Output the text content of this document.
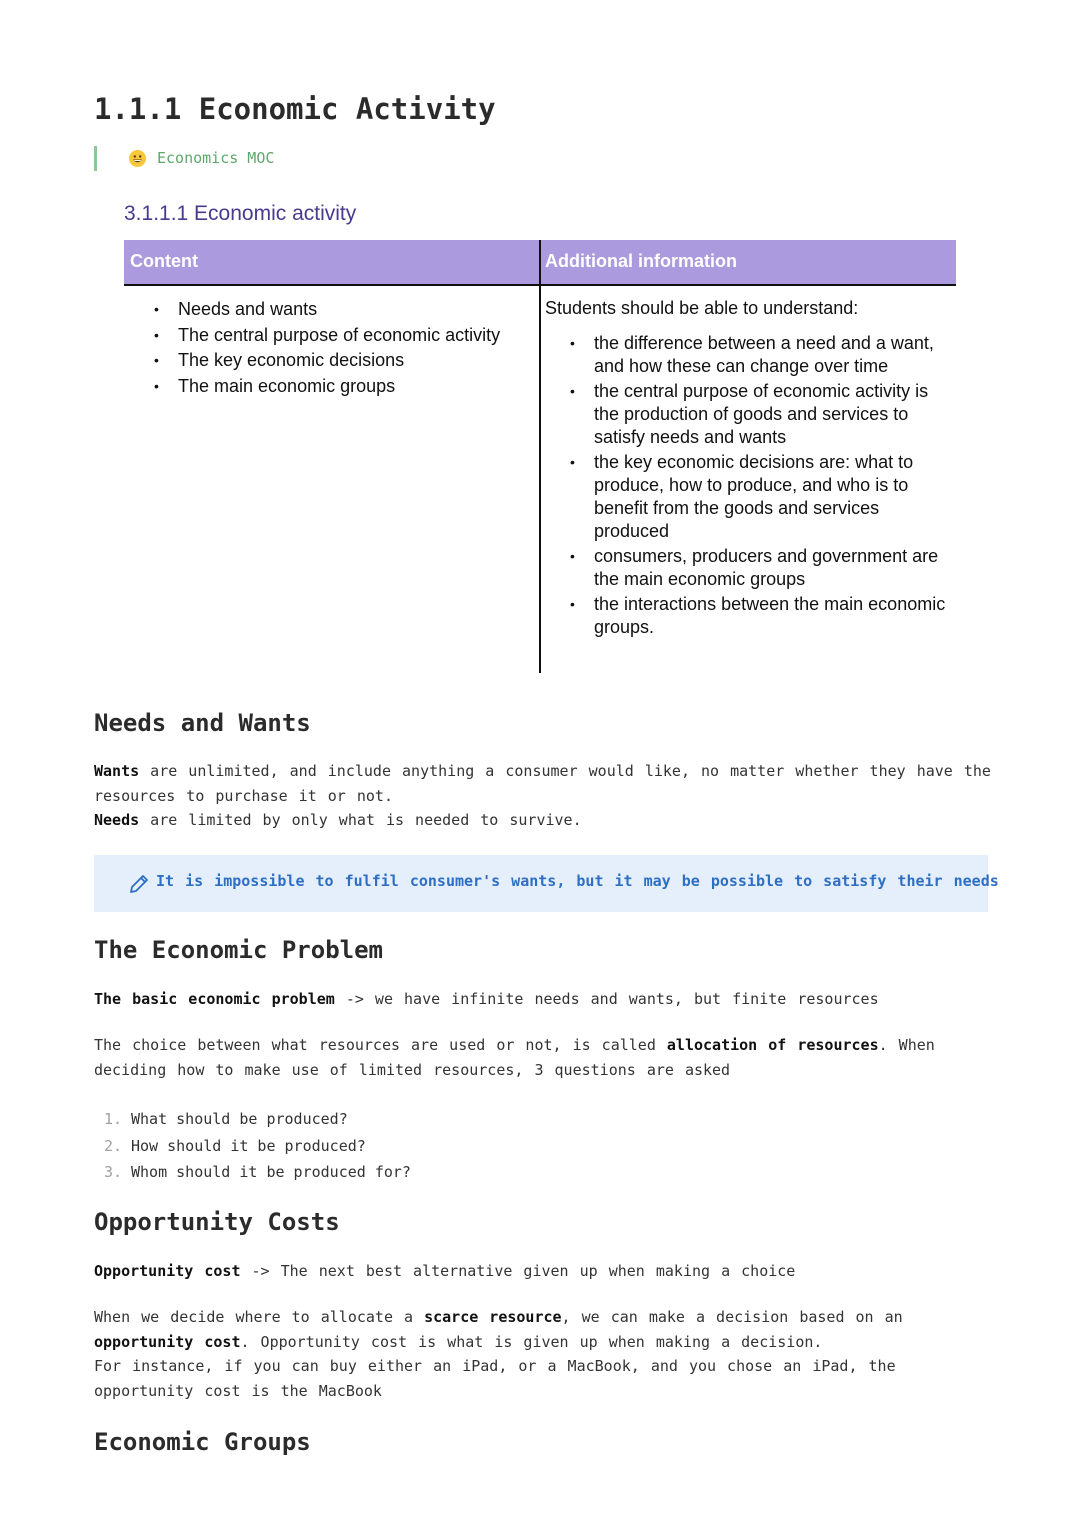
1.1.1 Economic Activity
Economics MOC
3.1.1.1 Economic activity
Content	Additional information
• Needs and wants
• The central purpose of economic activity
• The key economic decisions
• The main economic groups
Students should be able to understand:
• the difference between a need and a want, and how these can change over time
• the central purpose of economic activity is the production of goods and services to satisfy needs and wants
• the key economic decisions are: what to produce, how to produce, and who is to benefit from the goods and services produced
• consumers, producers and government are the main economic groups
• the interactions between the main economic groups.
Needs and Wants

Wants are unlimited, and include anything a consumer would like, no matter whether they have the resources to purchase it or not.
Needs are limited by only what is needed to survive.

It is impossible to fulfil consumer's wants, but it may be possible to satisfy their needs
The Economic Problem

The basic economic problem -> we have infinite needs and wants, but finite resources

The choice between what resources are used or not, is called allocation of resources. When deciding how to make use of limited resources, 3 questions are asked

1. What should be produced?
2. How should it be produced?
3. Whom should it be produced for?
Opportunity Costs

Opportunity cost -> The next best alternative given up when making a choice

When we decide where to allocate a scarce resource, we can make a decision based on an opportunity cost. Opportunity cost is what is given up when making a decision.
For instance, if you can buy either an iPad, or a MacBook, and you chose an iPad, the opportunity cost is the MacBook

Economic Groups
